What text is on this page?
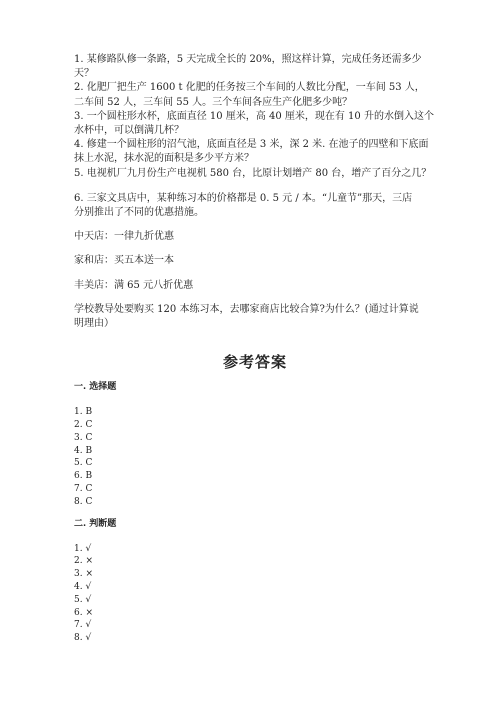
1. 某修路队修一条路，5 天完成全长的 20%，照这样计算，完成任务还需多少
天？
2. 化肥厂把生产 1600 t 化肥的任务按三个车间的人数比分配，一车间 53 人，
二车间 52 人，三车间 55 人。三个车间各应生产化肥多少吨？
3. 一个圆柱形水杯，底面直径 10 厘米，高 40 厘米，现在有 10 升的水倒入这个
水杯中，可以倒满几杯？
4. 修建一个圆柱形的沼气池，底面直径是 3 米，深 2 米. 在池子的四壁和下底面
抹上水泥，抹水泥的面积是多少平方米？
5. 电视机厂九月份生产电视机 580 台，比原计划增产 80 台，增产了百分之几？
6. 三家文具店中，某种练习本的价格都是 0. 5 元 / 本。“儿童节”那天，三店
分别推出了不同的优惠措施。
中天店：一律九折优惠
家和店：买五本送一本
丰美店：满 65 元八折优惠
学校教导处要购买 120 本练习本，去哪家商店比较合算?为什么？(通过计算说
明理由）
参考答案
一. 选择题
1. B
2. C
3. C
4. B
5. C
6. B
7. C
8. C
二. 判断题
1. √
2. ×
3. ×
4. √
5. √
6. ×
7. √
8. √
